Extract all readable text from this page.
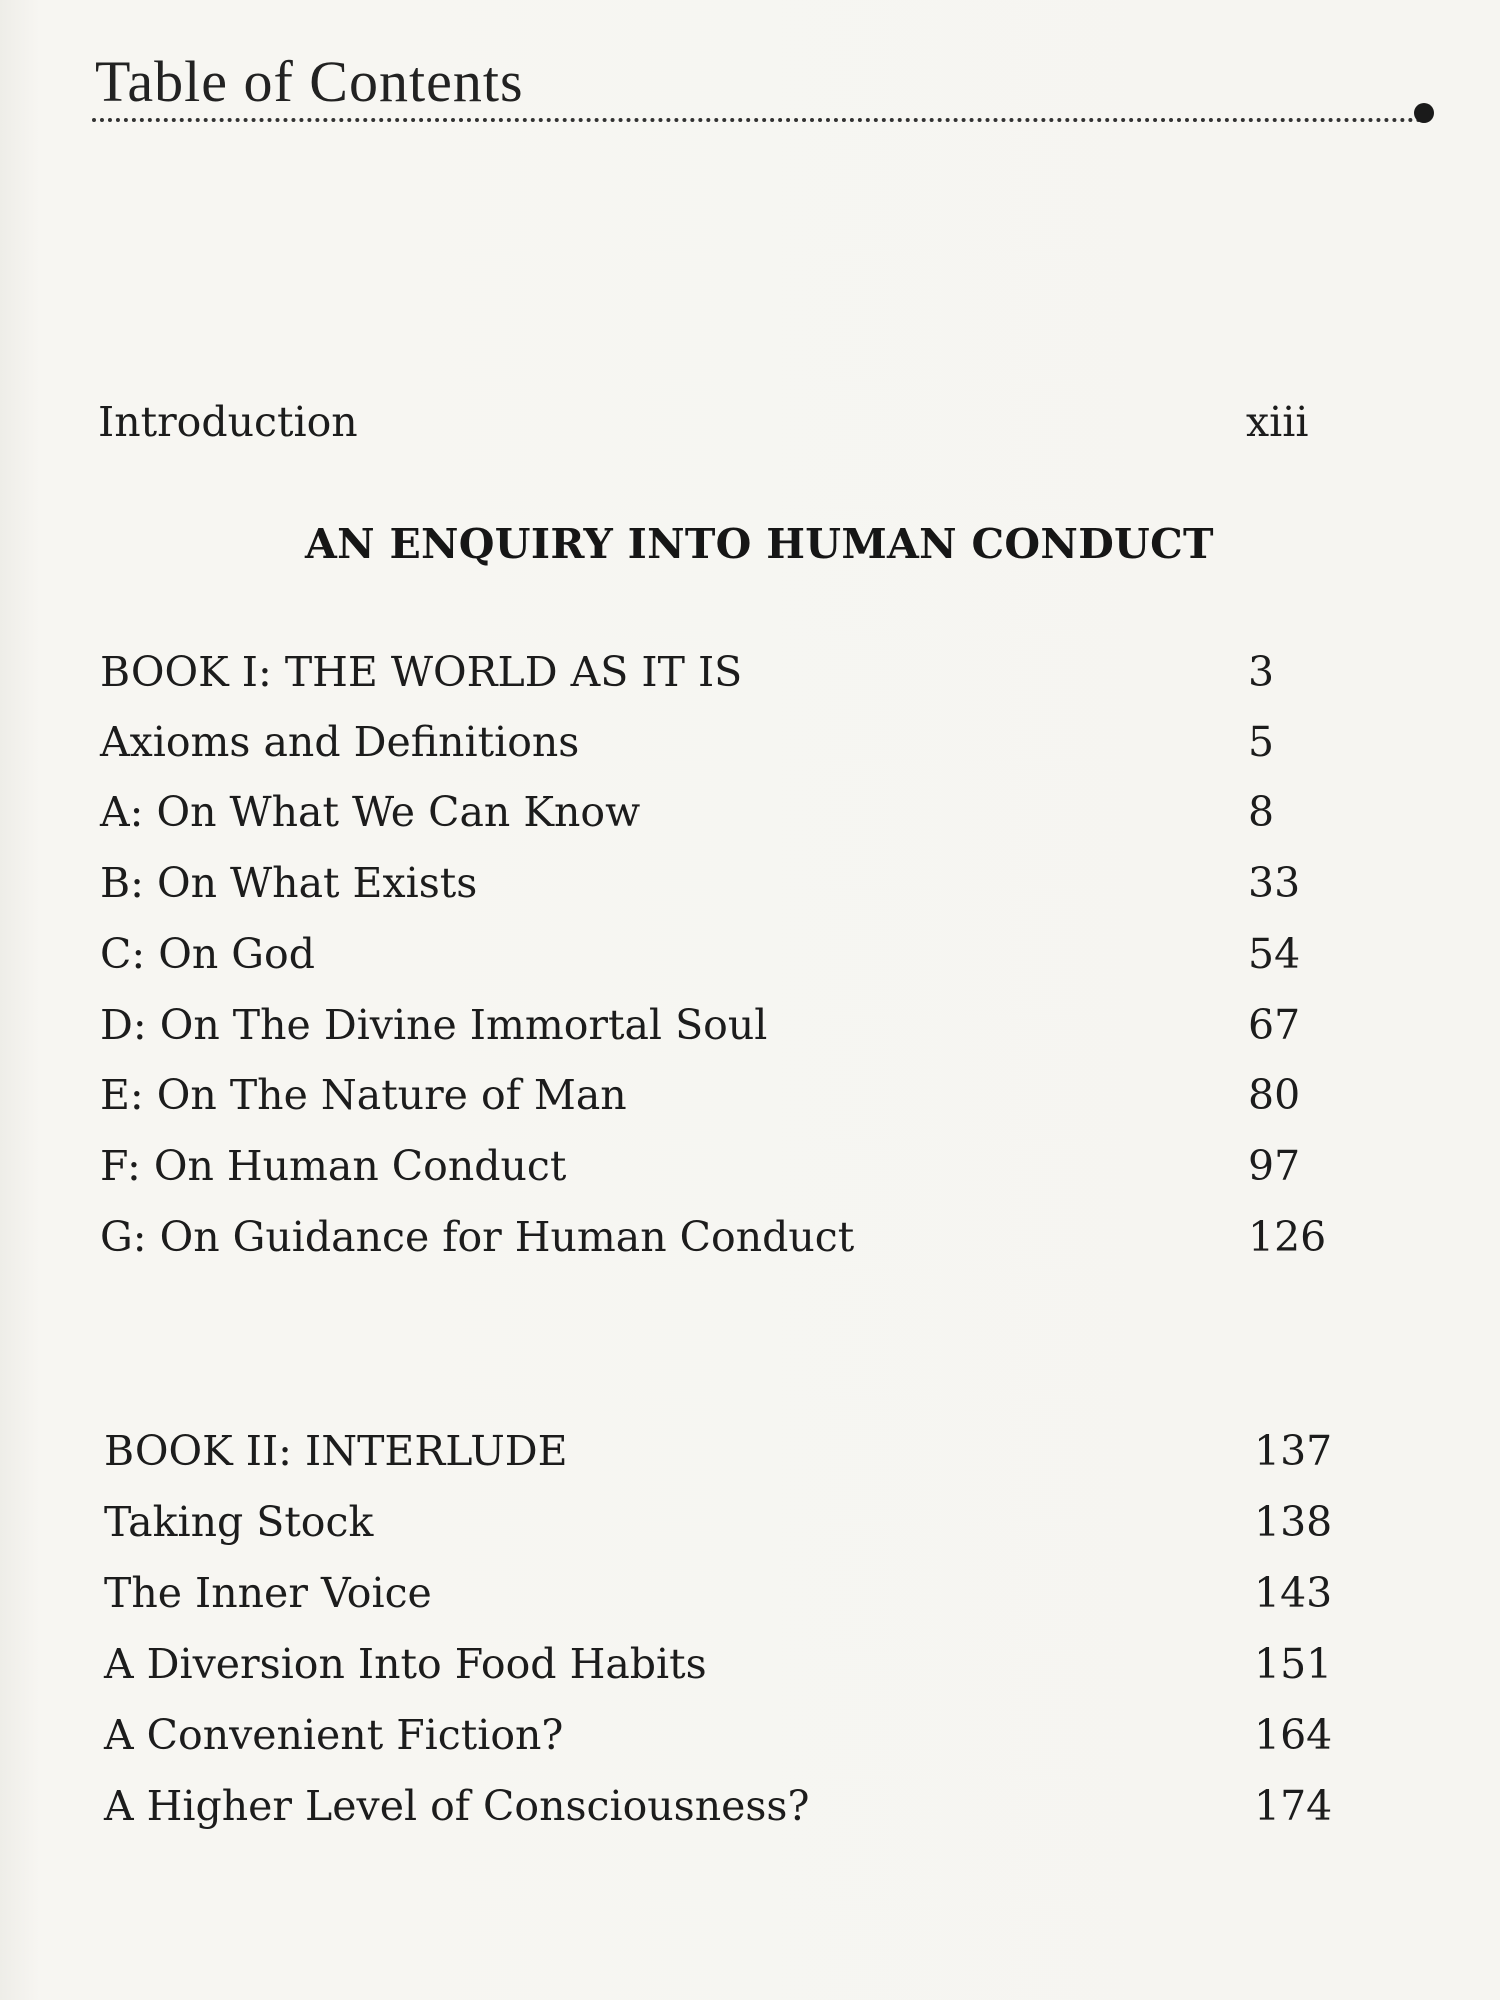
Table of Contents
Introduction	xiii
AN ENQUIRY INTO HUMAN CONDUCT
BOOK I: THE WORLD AS IT IS	3
Axioms and Definitions	5
A: On What We Can Know	8
B: On What Exists	33
C: On God	54
D: On The Divine Immortal Soul	67
E: On The Nature of Man	80
F: On Human Conduct	97
G: On Guidance for Human Conduct	126
BOOK II: INTERLUDE	137
Taking Stock	138
The Inner Voice	143
A Diversion Into Food Habits	151
A Convenient Fiction?	164
A Higher Level of Consciousness?	174
